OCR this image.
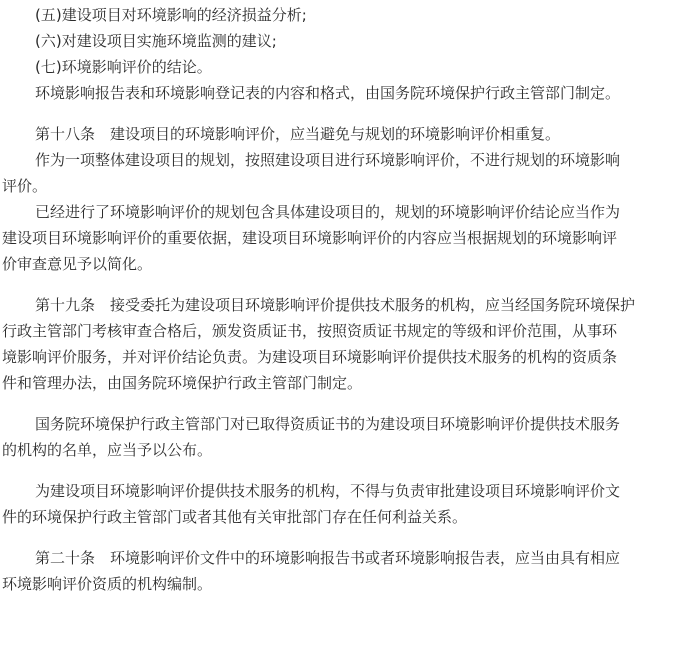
(五)建设项目对环境影响的经济损益分析;
(六)对建设项目实施环境监测的建议;
(七)环境影响评价的结论。
环境影响报告表和环境影响登记表的内容和格式，由国务院环境保护行政主管部门制定。
第十八条　建设项目的环境影响评价，应当避免与规划的环境影响评价相重复。
作为一项整体建设项目的规划，按照建设项目进行环境影响评价，不进行规划的环境影响
评价。
已经进行了环境影响评价的规划包含具体建设项目的，规划的环境影响评价结论应当作为
建设项目环境影响评价的重要依据，建设项目环境影响评价的内容应当根据规划的环境影响评
价审查意见予以简化。
第十九条　接受委托为建设项目环境影响评价提供技术服务的机构，应当经国务院环境保护
行政主管部门考核审查合格后，颁发资质证书，按照资质证书规定的等级和评价范围，从事环
境影响评价服务，并对评价结论负责。为建设项目环境影响评价提供技术服务的机构的资质条
件和管理办法，由国务院环境保护行政主管部门制定。
国务院环境保护行政主管部门对已取得资质证书的为建设项目环境影响评价提供技术服务
的机构的名单，应当予以公布。
为建设项目环境影响评价提供技术服务的机构，不得与负责审批建设项目环境影响评价文
件的环境保护行政主管部门或者其他有关审批部门存在任何利益关系。
第二十条　环境影响评价文件中的环境影响报告书或者环境影响报告表，应当由具有相应
环境影响评价资质的机构编制。
